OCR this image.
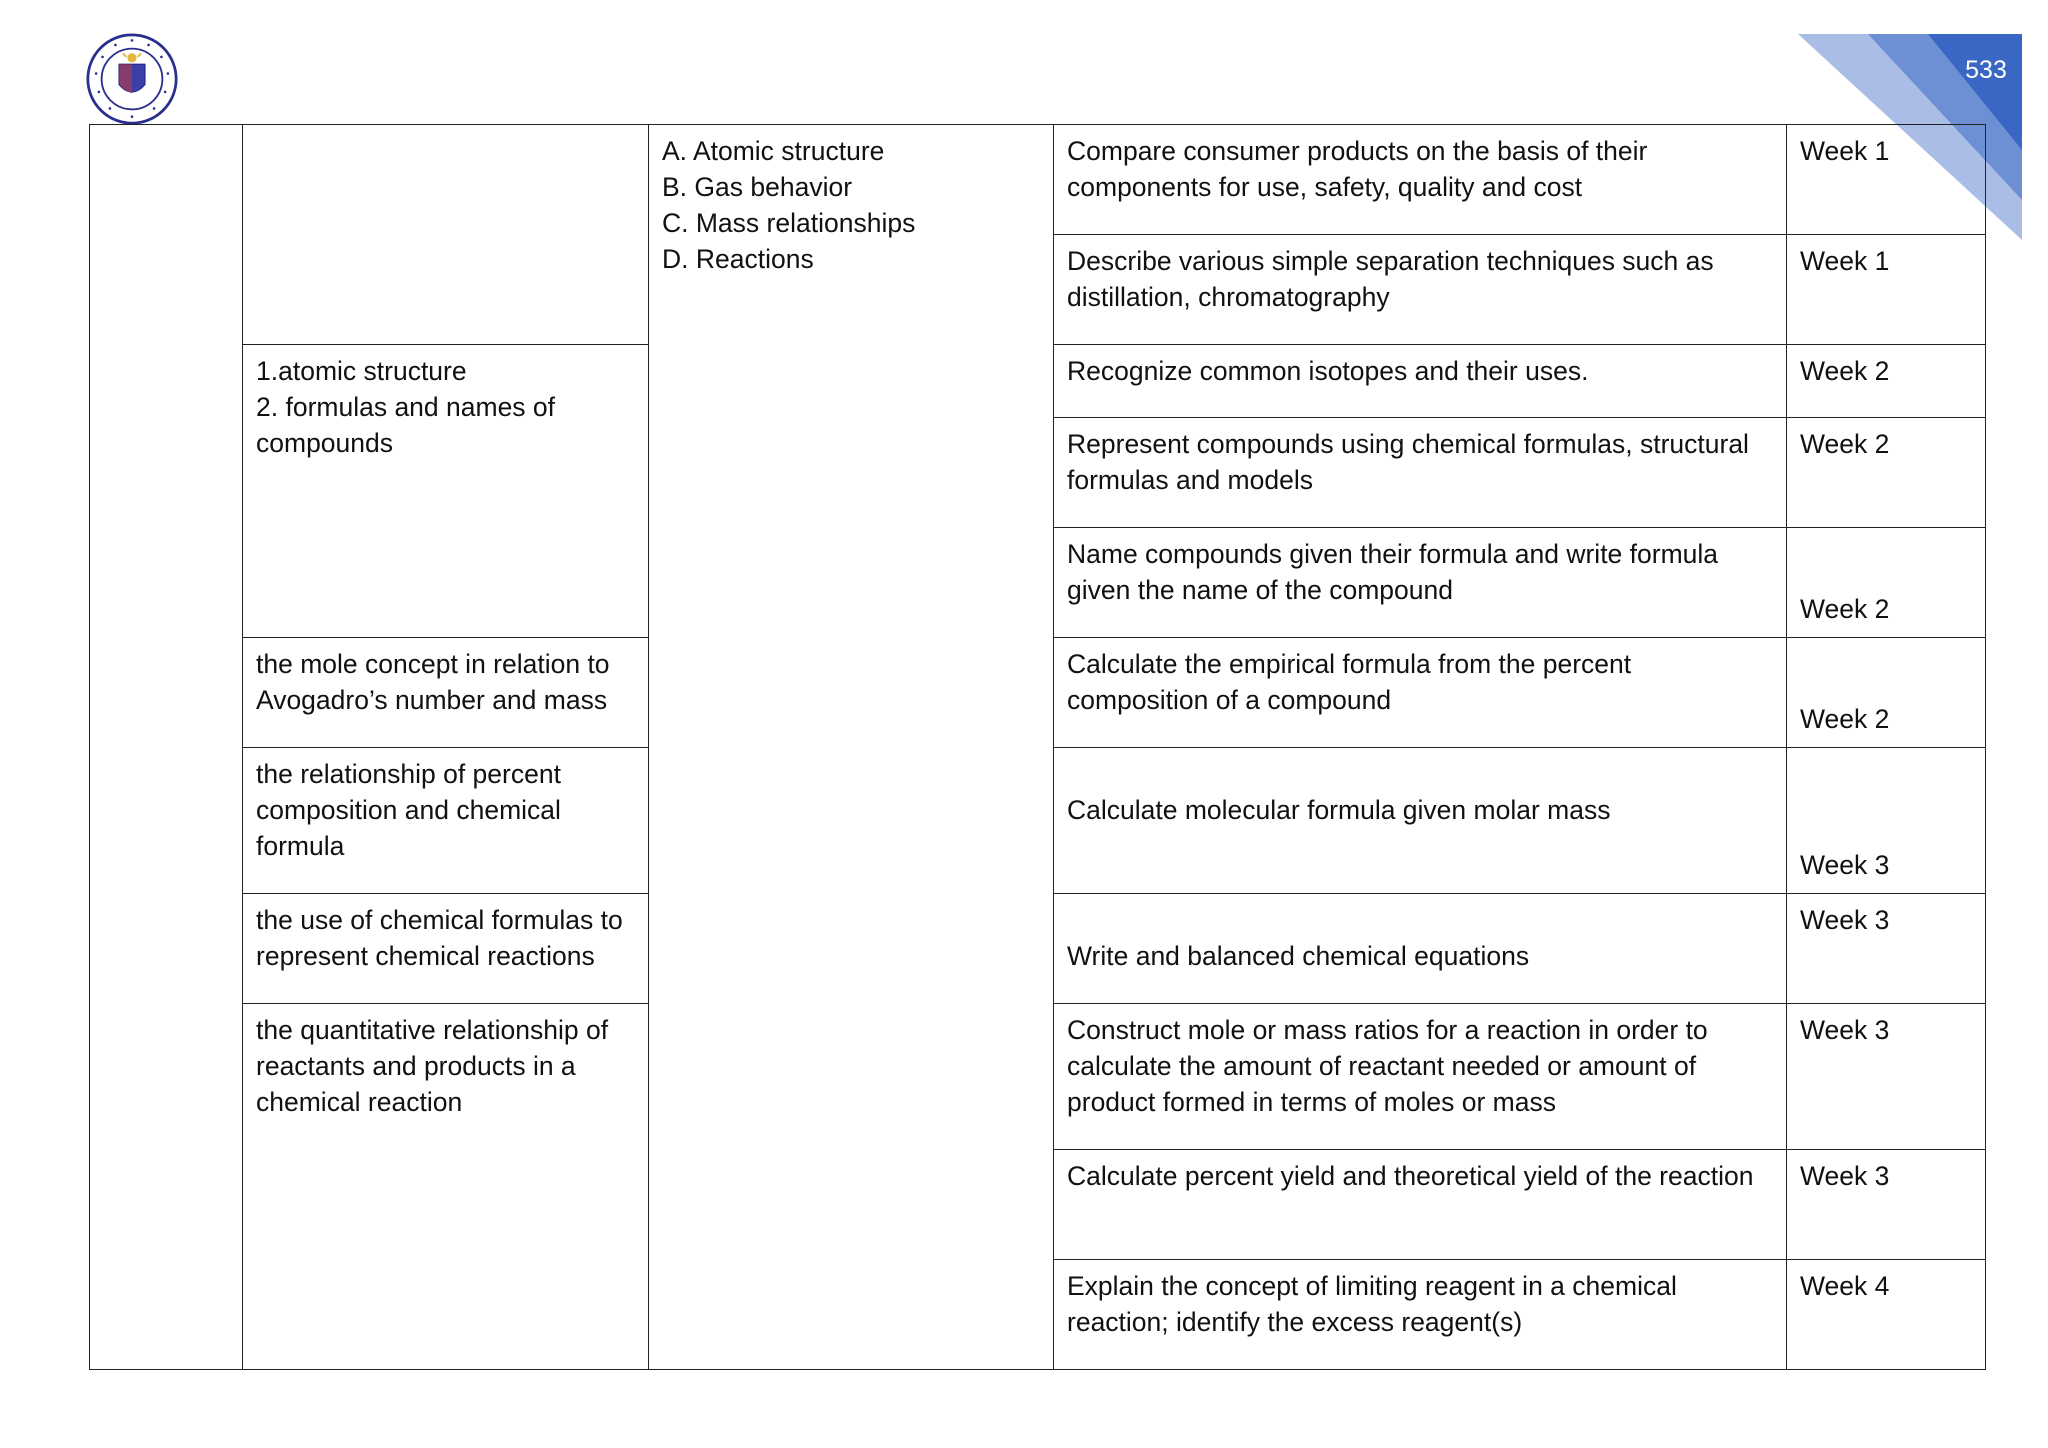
533
		A. Atomic structure
B. Gas behavior
C. Mass relationships
D. Reactions	Compare consumer products on the basis of their components for use, safety, quality and cost	Week 1
			Describe various simple separation techniques such as distillation, chromatography	Week 1
	1.atomic structure
2. formulas and names of compounds		Recognize common isotopes and their uses.	Week 2
			Represent compounds using chemical formulas, structural formulas and models	Week 2
			Name compounds given their formula and write formula given the name of the compound	Week 2
	the mole concept in relation to Avogadro’s number and mass		Calculate the empirical formula from the percent composition of a compound	Week 2
	the relationship of percent composition and chemical formula		Calculate molecular formula given molar mass	Week 3
	the use of chemical formulas to represent chemical reactions		Write and balanced chemical equations	Week 3
	the quantitative relationship of reactants and products in a chemical reaction		Construct mole or mass ratios for a reaction in order to calculate the amount of reactant needed or amount of product formed in terms of moles or mass	Week 3
			Calculate percent yield and theoretical yield of the reaction	Week 3
			Explain the concept of limiting reagent in a chemical reaction; identify the excess reagent(s)	Week 4
